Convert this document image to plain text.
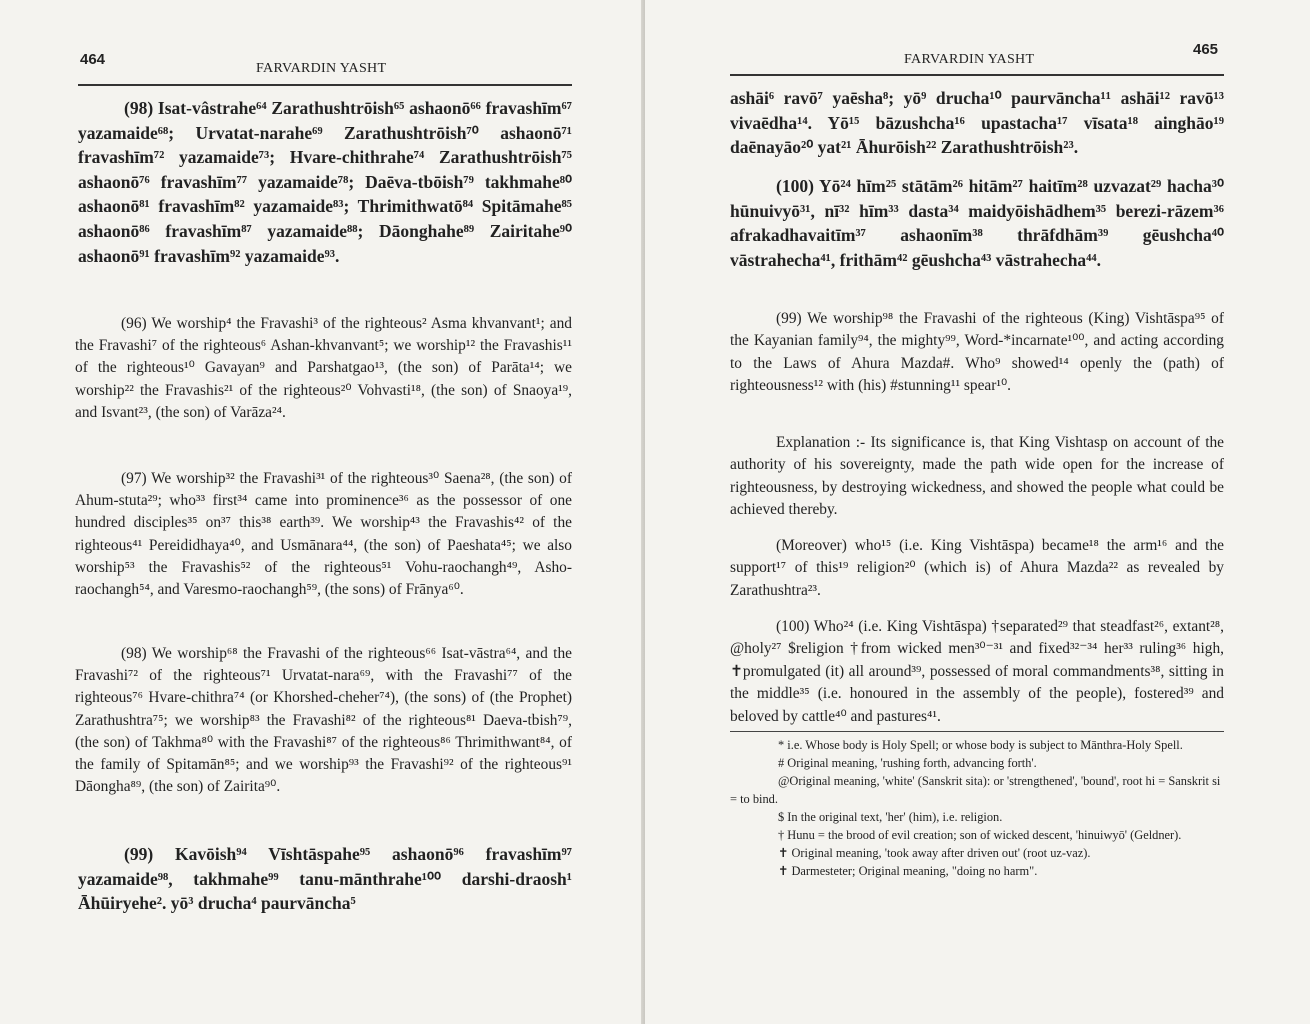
464
FARVARDIN YASHT
(98) Isat-vâstrahe⁶⁴ Zarathushtrōish⁶⁵ ashaonō⁶⁶ fravashīm⁶⁷ yazamaide⁶⁸; Urvatat-narahe⁶⁹ Zarathushtrōish⁷⁰ ashaonō⁷¹ fravashīm⁷² yazamaide⁷³; Hvare-chithrahe⁷⁴ Zarathushtrōish⁷⁵ ashaonō⁷⁶ fravashīm⁷⁷ yazamaide⁷⁸; Daēva-tbōish⁷⁹ takhmahe⁸⁰ ashaonō⁸¹ fravashīm⁸² yazamaide⁸³; Thrimithwatō⁸⁴ Spitāmahe⁸⁵ ashaonō⁸⁶ fravashīm⁸⁷ yazamaide⁸⁸; Dāonghahe⁸⁹ Zairitahe⁹⁰ ashaonō⁹¹ fravashīm⁹² yazamaide⁹³.

(96) We worship⁴ the Fravashi³ of the righteous² Asma khvanvant¹; and the Fravashi⁷ of the righteous⁶ Ashan-khvanvant⁵; we worship¹² the Fravashis¹¹ of the righteous¹⁰ Gavayan⁹ and Parshatgao¹³, (the son) of Parāta¹⁴; we worship²² the Fravashis²¹ of the righteous²⁰ Vohvasti¹⁸, (the son) of Snaoya¹⁹, and Isvant²³, (the son) of Varāza²⁴.

(97) We worship³² the Fravashi³¹ of the righteous³⁰ Saena²⁸, (the son) of Ahum-stuta²⁹; who³³ first³⁴ came into prominence³⁶ as the possessor of one hundred disciples³⁵ on³⁷ this³⁸ earth³⁹. We worship⁴³ the Fravashis⁴² of the righteous⁴¹ Pereididhaya⁴⁰, and Usmānara⁴⁴, (the son) of Paeshata⁴⁵; we also worship⁵³ the Fravashis⁵² of the righteous⁵¹ Vohu-raochangh⁴⁹, Asho-raochangh⁵⁴, and Varesmo-raochangh⁵⁹, (the sons) of Frānya⁶⁰.

(98) We worship⁶⁸ the Fravashi of the righteous⁶⁶ Isat-vāstra⁶⁴, and the Fravashi⁷² of the righteous⁷¹ Urvatat-nara⁶⁹, with the Fravashi⁷⁷ of the righteous⁷⁶ Hvare-chithra⁷⁴ (or Khorshed-cheher⁷⁴), (the sons) of (the Prophet) Zarathushtra⁷⁵; we worship⁸³ the Fravashi⁸² of the righteous⁸¹ Daeva-tbish⁷⁹, (the son) of Takhma⁸⁰ with the Fravashi⁸⁷ of the righteous⁸⁶ Thrimithwant⁸⁴, of the family of Spitamān⁸⁵; and we worship⁹³ the Fravashi⁹² of the righteous⁹¹ Dāongha⁸⁹, (the son) of Zairita⁹⁰.

(99) Kavōish⁹⁴ Vīshtāspahe⁹⁵ ashaonō⁹⁶ fravashīm⁹⁷ yazamaide⁹⁸, takhmahe⁹⁹ tanu-mānthrahe¹⁰⁰ darshi-draosh¹ Āhūiryehe². yō³ drucha⁴ paurvāncha⁵
465
FARVARDIN YASHT
ashāi⁶ ravō⁷ yaēsha⁸; yō⁹ drucha¹⁰ paurvāncha¹¹ ashāi¹² ravō¹³ vivaēdha¹⁴. Yō¹⁵ bāzushcha¹⁶ upastacha¹⁷ vīsata¹⁸ ainghāo¹⁹ daēnayāo²⁰ yat²¹ Āhurōish²² Zarathushtrōish²³.
(100) Yō²⁴ hīm²⁵ stātām²⁶ hitām²⁷ haitīm²⁸ uzvazat²⁹ hacha³⁰ hūnuivyō³¹, nī³² hīm³³ dasta³⁴ maidyōishādhem³⁵ berezi-rāzem³⁶ afrakadhavaitīm³⁷ ashaonīm³⁸ thrāfdhām³⁹ gēushcha⁴⁰ vāstrahecha⁴¹, frithām⁴² gēushcha⁴³ vāstrahecha⁴⁴.

(99) We worship⁹⁸ the Fravashi of the righteous (King) Vishtāspa⁹⁵ of the Kayanian family⁹⁴, the mighty⁹⁹, Word-*incarnate¹⁰⁰, and acting according to the Laws of Ahura Mazda#. Who⁹ showed¹⁴ openly the (path) of righteousness¹² with (his) #stunning¹¹ spear¹⁰.

Explanation :- Its significance is, that King Vishtasp on account of the authority of his sovereignty, made the path wide open for the increase of righteousness, by destroying wickedness, and showed the people what could be achieved thereby.

(Moreover) who¹⁵ (i.e. King Vishtāspa) became¹⁸ the arm¹⁶ and the support¹⁷ of this¹⁹ religion²⁰ (which is) of Ahura Mazda²² as revealed by Zarathushtra²³.

(100) Who²⁴ (i.e. King Vishtāspa) †separated²⁹ that steadfast²⁶, extant²⁸, @holy²⁷ $religion †from wicked men³⁰⁻³¹ and fixed³²⁻³⁴ her³³ ruling³⁶ high, ✝promulgated (it) all around³⁹, possessed of moral commandments³⁸, sitting in the middle³⁵ (i.e. honoured in the assembly of the people), fostered³⁹ and beloved by cattle⁴⁰ and pastures⁴¹.

* i.e. Whose body is Holy Spell; or whose body is subject to Mānthra-Holy Spell.

# Original meaning, 'rushing forth, advancing forth'.

@Original meaning, 'white' (Sanskrit sita): or 'strengthened', 'bound', root hi = Sanskrit si = to bind.

$ In the original text, 'her' (him), i.e. religion.

† Hunu = the brood of evil creation; son of wicked descent, 'hinuiwyō' (Geldner).

✝ Original meaning, 'took away after driven out' (root uz-vaz).

✝ Darmesteter; Original meaning, "doing no harm".
